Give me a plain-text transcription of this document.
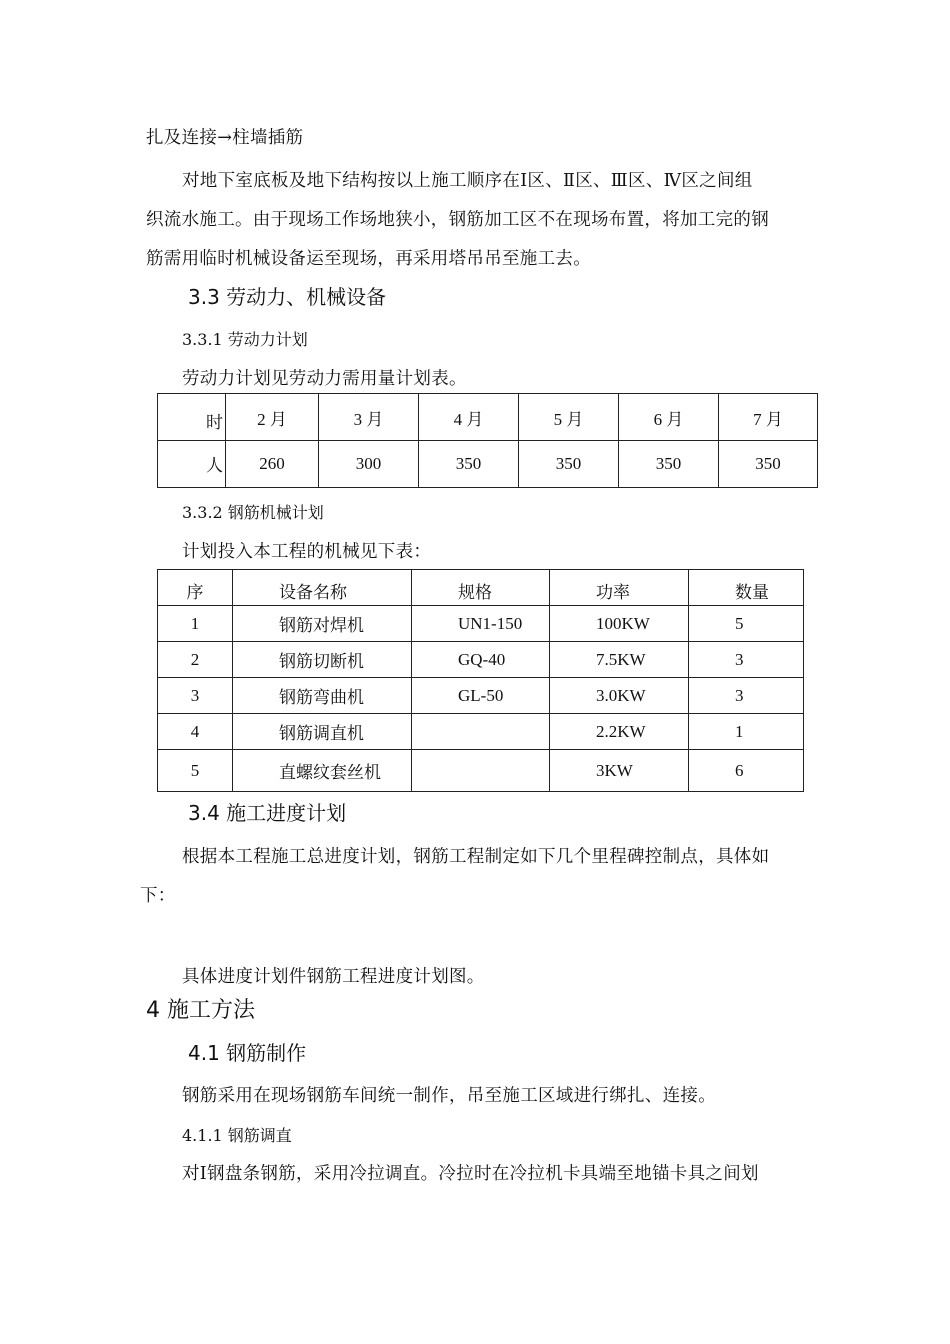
扎及连接→柱墙插筋
对地下室底板及地下结构按以上施工顺序在Ⅰ区、Ⅱ区、Ⅲ区、Ⅳ区之间组
织流水施工。由于现场工作场地狭小，钢筋加工区不在现场布置，将加工完的钢
筋需用临时机械设备运至现场，再采用塔吊吊至施工去。
3.3 劳动力、机械设备
3.3.1 劳动力计划
劳动力计划见劳动力需用量计划表。
时	2 月	3 月	4 月	5 月	6 月	7 月
人	260	300	350	350	350	350
3.3.2 钢筋机械计划
计划投入本工程的机械见下表：
序	设备名称	规格	功率	数量
1	钢筋对焊机	UN1-150	100KW	5
2	钢筋切断机	GQ-40	7.5KW	3
3	钢筋弯曲机	GL-50	3.0KW	3
4	钢筋调直机		2.2KW	1
5	直螺纹套丝机		3KW	6
3.4 施工进度计划
根据本工程施工总进度计划，钢筋工程制定如下几个里程碑控制点，具体如
下：
具体进度计划件钢筋工程进度计划图。
4 施工方法
4.1 钢筋制作
钢筋采用在现场钢筋车间统一制作，吊至施工区域进行绑扎、连接。
4.1.1 钢筋调直
对Ⅰ钢盘条钢筋，采用冷拉调直。冷拉时在冷拉机卡具端至地锚卡具之间划
